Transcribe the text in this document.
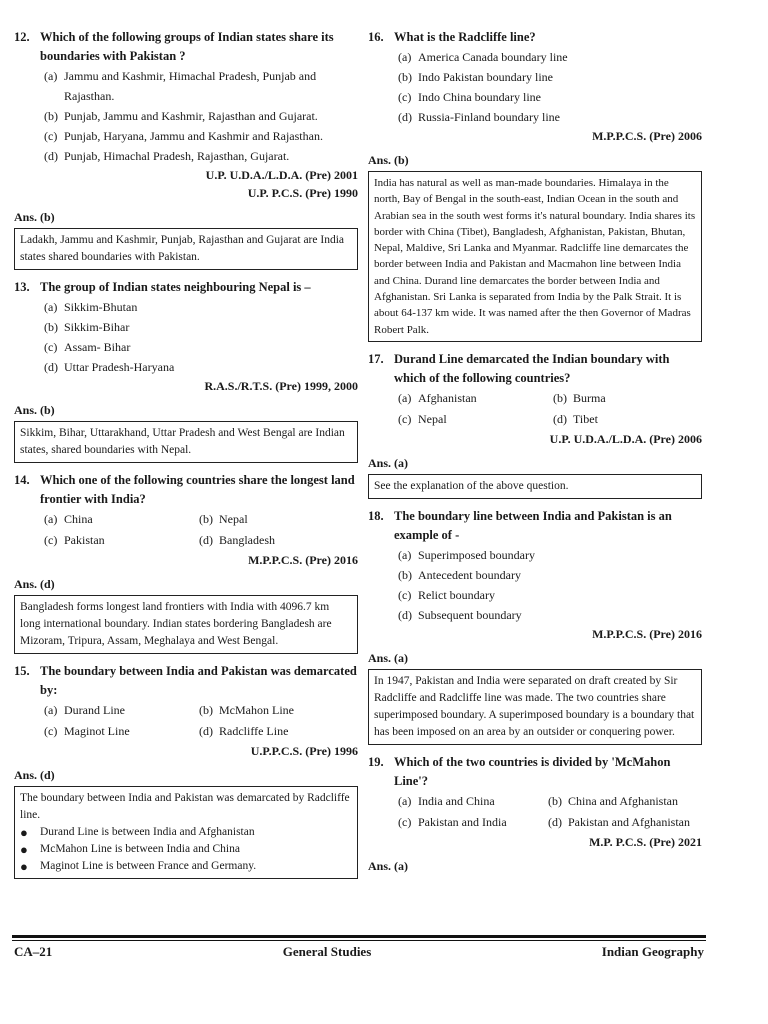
12. Which of the following groups of Indian states share its boundaries with Pakistan ?
(a) Jammu and Kashmir, Himachal Pradesh, Punjab and Rajasthan.
(b) Punjab, Jammu and Kashmir, Rajasthan and Gujarat.
(c) Punjab, Haryana, Jammu and Kashmir and Rajasthan.
(d) Punjab, Himachal Pradesh, Rajasthan, Gujarat.
U.P. U.D.A./L.D.A. (Pre) 2001
U.P. P.C.S. (Pre) 1990
Ans. (b)
Ladakh, Jammu and Kashmir, Punjab, Rajasthan and Gujarat are India states shared boundaries with Pakistan.
13. The group of Indian states neighbouring Nepal is –
(a) Sikkim-Bhutan
(b) Sikkim-Bihar
(c) Assam- Bihar
(d) Uttar Pradesh-Haryana
R.A.S./R.T.S. (Pre) 1999, 2000
Ans. (b)
Sikkim, Bihar, Uttarakhand, Uttar Pradesh and West Bengal are Indian states, shared boundaries with Nepal.
14. Which one of the following countries share the longest land frontier with India?
(a) China	(b) Nepal
(c) Pakistan	(d) Bangladesh
M.P.P.C.S. (Pre) 2016
Ans. (d)
Bangladesh forms longest land frontiers with India with 4096.7 km long international boundary. Indian states bordering Bangladesh are Mizoram, Tripura, Assam, Meghalaya and West Bengal.
15. The boundary between India and Pakistan was demarcated by:
(a) Durand Line	(b) McMahon Line
(c) Maginot Line	(d) Radcliffe Line
U.P.P.C.S. (Pre) 1996
Ans. (d)
The boundary between India and Pakistan was demarcated by Radcliffe line.
●	Durand Line is between India and Afghanistan
●	McMahon Line is between India and China
●	Maginot Line is between France and Germany.
16. What is the Radcliffe line?
(a) America Canada boundary line
(b) Indo Pakistan boundary line
(c) Indo China boundary line
(d) Russia-Finland boundary line
M.P.P.C.S. (Pre) 2006
Ans. (b)
India has natural as well as man-made boundaries. Himalaya in the north, Bay of Bengal in the south-east, Indian Ocean in the south and Arabian sea in the south west forms it's natural boundary. India shares its border with China (Tibet), Bangladesh, Afghanistan, Pakistan, Bhutan, Nepal, Maldive, Sri Lanka and Myanmar. Radcliffe line demarcates the border between India and Pakistan and Macmahon line between India and China. Durand line demarcates the border between India and Afghanistan. Sri Lanka is separated from India by the Palk Strait. It is about 64-137 km wide. It was named after the then Governor of Madras Robert Palk.
17. Durand Line demarcated the Indian boundary with which of the following countries?
(a) Afghanistan	(b) Burma
(c) Nepal	(d) Tibet
U.P. U.D.A./L.D.A. (Pre) 2006
Ans. (a)
See the explanation of the above question.
18. The boundary line between India and Pakistan is an example of -
(a) Superimposed boundary
(b) Antecedent boundary
(c) Relict boundary
(d) Subsequent boundary
M.P.P.C.S. (Pre) 2016
Ans. (a)
In 1947, Pakistan and India were separated on draft created by Sir Radcliffe and Radcliffe line was made. The two countries share superimposed boundary. A superimposed boundary is a boundary that has been imposed on an area by an outsider or conquering power.
19. Which of the two countries is divided by 'McMahon Line'?
(a) India and China	(b) China and Afghanistan
(c) Pakistan and India	(d) Pakistan and Afghanistan
M.P. P.C.S. (Pre) 2021
Ans. (a)
CA–21	General Studies	Indian Geography
